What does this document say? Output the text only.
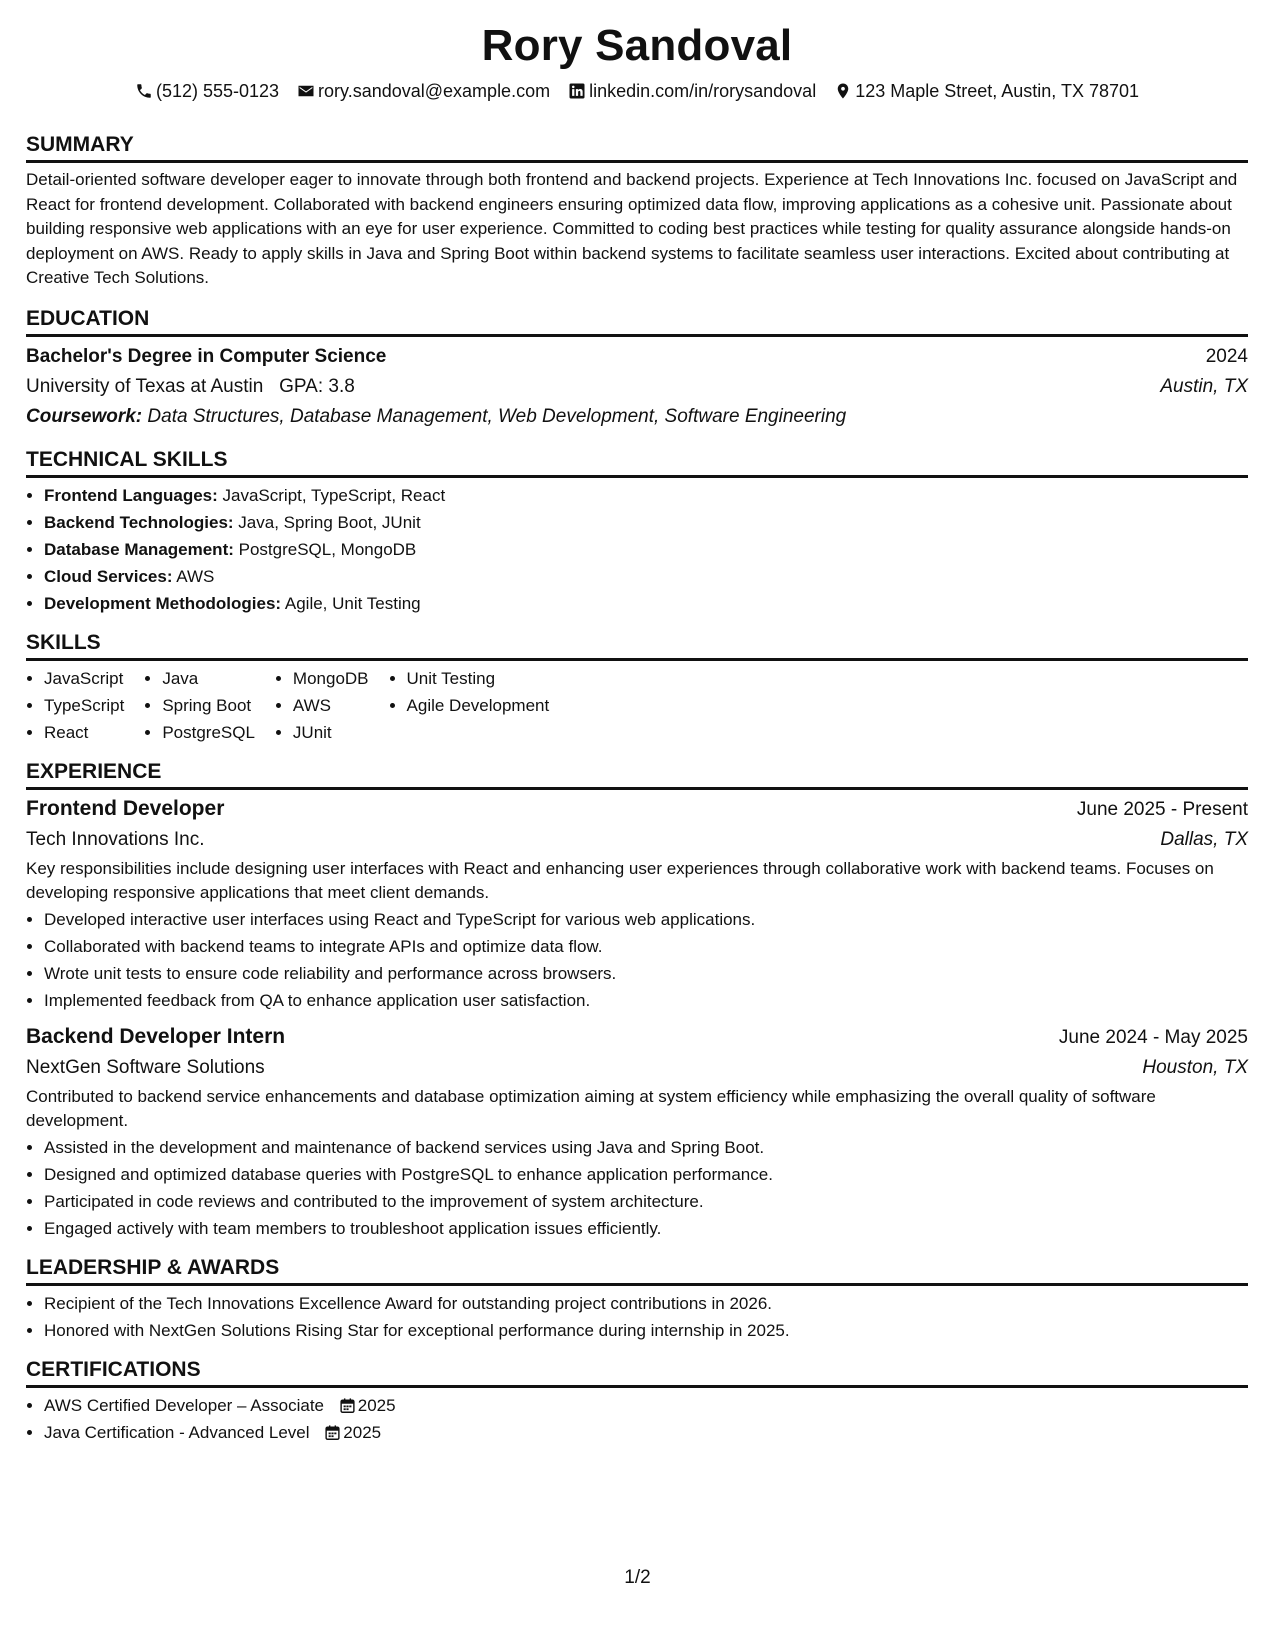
Rory Sandoval
(512) 555-0123 rory.sandoval@example.com linkedin.com/in/rorysandoval 123 Maple Street, Austin, TX 78701
SUMMARY

Detail-oriented software developer eager to innovate through both frontend and backend projects. Experience at Tech Innovations Inc. focused on JavaScript and React for frontend development. Collaborated with backend engineers ensuring optimized data flow, improving applications as a cohesive unit. Passionate about building responsive web applications with an eye for user experience. Committed to coding best practices while testing for quality assurance alongside hands-on deployment on AWS. Ready to apply skills in Java and Spring Boot within backend systems to facilitate seamless user interactions. Excited about contributing at Creative Tech Solutions.

EDUCATION
Bachelor's Degree in Computer Science	2024
University of Texas at Austin GPA: 3.8	Austin, TX
Coursework: Data Structures, Database Management, Web Development, Software Engineering
TECHNICAL SKILLS
• Frontend Languages: JavaScript, TypeScript, React
• Backend Technologies: Java, Spring Boot, JUnit
• Database Management: PostgreSQL, MongoDB
• Cloud Services: AWS
• Development Methodologies: Agile, Unit Testing
SKILLS
• JavaScript
• TypeScript
• React
• Java
• Spring Boot
• PostgreSQL
• MongoDB
• AWS
• JUnit
• Unit Testing
• Agile Development
EXPERIENCE
Frontend Developer	June 2025 - Present
Tech Innovations Inc.	Dallas, TX

Key responsibilities include designing user interfaces with React and enhancing user experiences through collaborative work with backend teams. Focuses on developing responsive applications that meet client demands.

• Developed interactive user interfaces using React and TypeScript for various web applications.
• Collaborated with backend teams to integrate APIs and optimize data flow.
• Wrote unit tests to ensure code reliability and performance across browsers.
• Implemented feedback from QA to enhance application user satisfaction.
Backend Developer Intern	June 2024 - May 2025
NextGen Software Solutions	Houston, TX

Contributed to backend service enhancements and database optimization aiming at system efficiency while emphasizing the overall quality of software development.

• Assisted in the development and maintenance of backend services using Java and Spring Boot.
• Designed and optimized database queries with PostgreSQL to enhance application performance.
• Participated in code reviews and contributed to the improvement of system architecture.
• Engaged actively with team members to troubleshoot application issues efficiently.
LEADERSHIP & AWARDS
• Recipient of the Tech Innovations Excellence Award for outstanding project contributions in 2026.
• Honored with NextGen Solutions Rising Star for exceptional performance during internship in 2025.
CERTIFICATIONS
• AWS Certified Developer – Associate 2025
• Java Certification - Advanced Level 2025
1/2
